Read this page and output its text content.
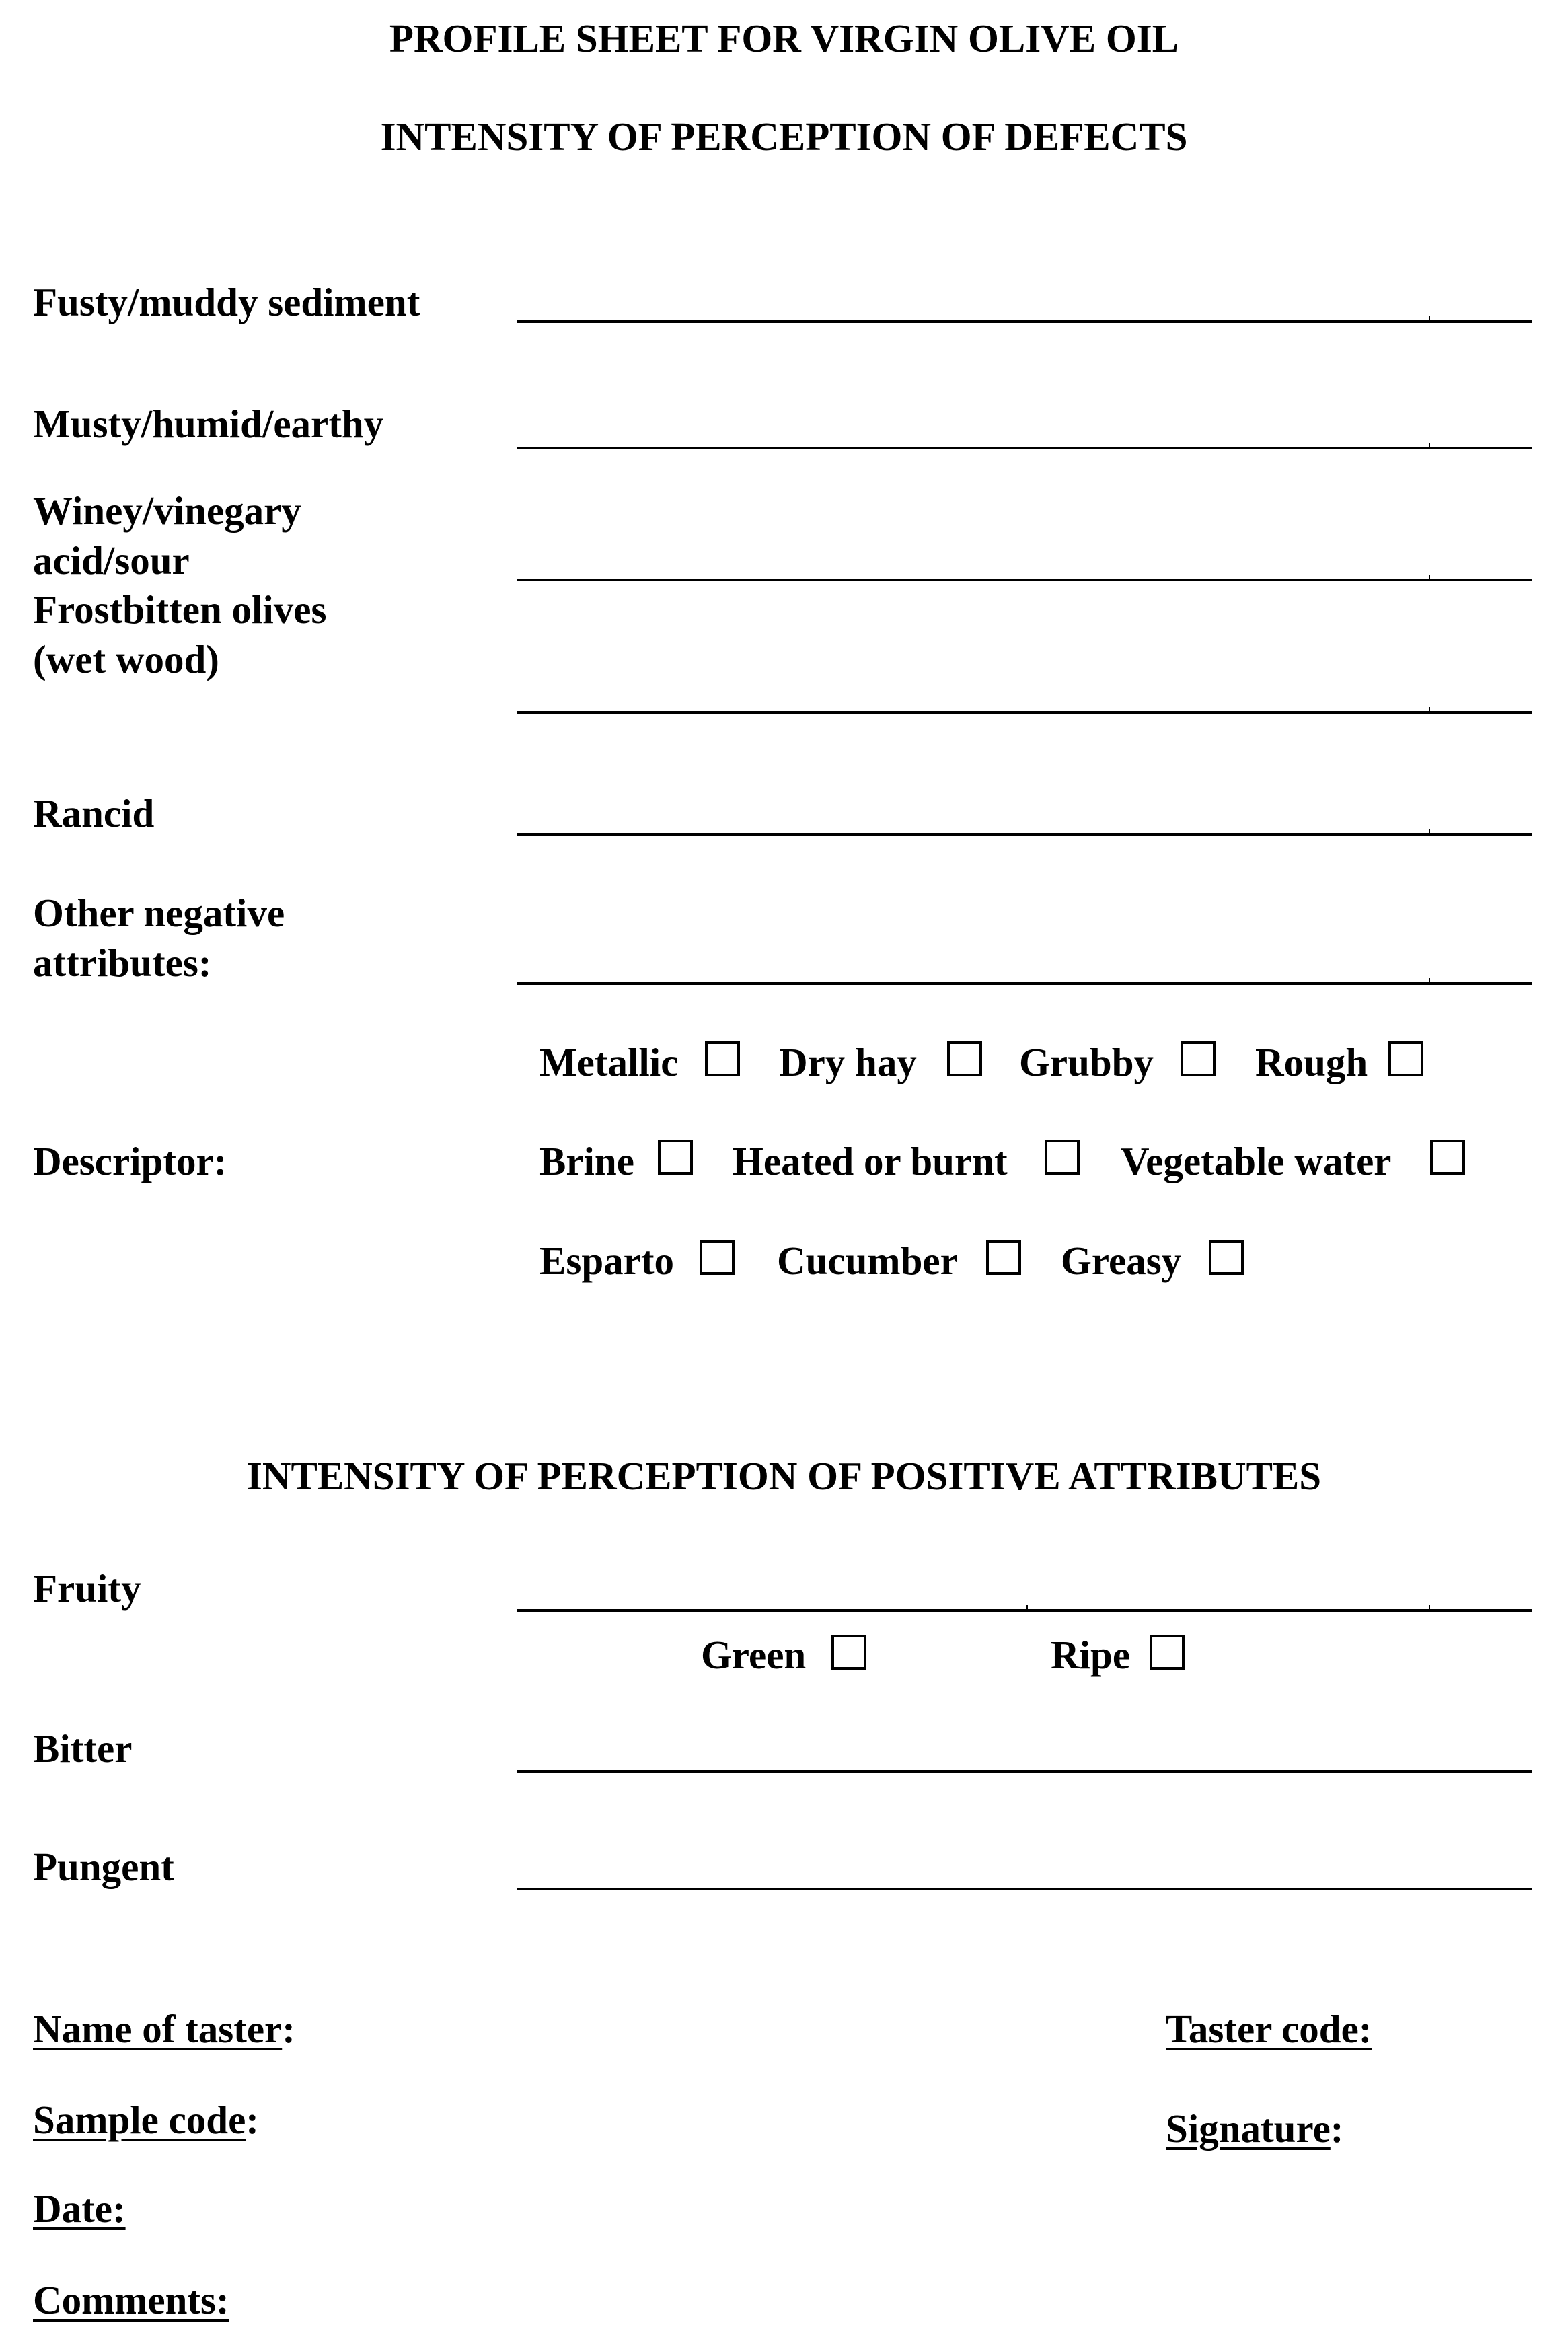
PROFILE SHEET FOR VIRGIN OLIVE OIL
INTENSITY OF PERCEPTION OF DEFECTS
Fusty/muddy sediment
Musty/humid/earthy
Winey/vinegary acid/sour
Frostbitten olives (wet wood)
Rancid
Other negative attributes:
Metallic	Dry hay	Grubby	Rough
Descriptor:	Brine Heated or burnt	Vegetable water
Esparto	Cucumber	Greasy
INTENSITY OF PERCEPTION OF POSITIVE ATTRIBUTES
Fruity
Green	Ripe
Bitter
Pungent
Name of taster:
Sample code:
Date:
Comments:
Taster code:
Signature:
